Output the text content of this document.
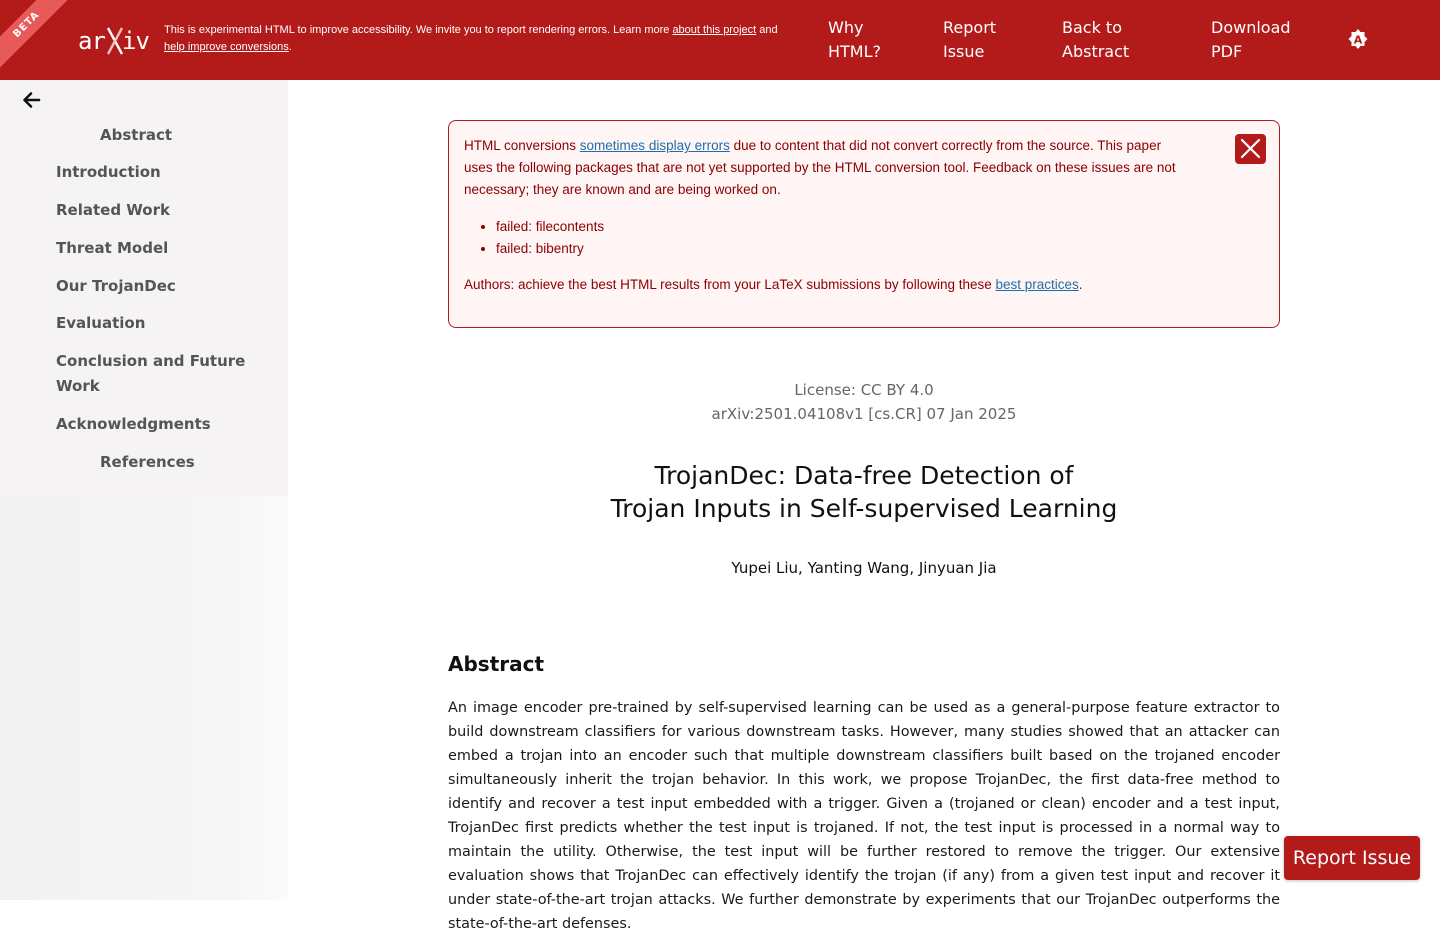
BETA
ar iv This is experimental HTML to improve accessibility. We invite you to report rendering errors. Learn more about this project and
help improve conversions.
Why
HTML?
Report
Issue
Back to
Abstract
Download
PDF
A
Abstract
Introduction
Related Work
Threat Model
Our TrojanDec
Evaluation
Conclusion and Future
Work
Acknowledgments
References
HTML conversions sometimes display errors due to content that did not convert correctly from the source. This paper
uses the following packages that are not yet supported by the HTML conversion tool. Feedback on these issues are not
necessary; they are known and are being worked on.
• failed: filecontents
• failed: bibentry
Authors: achieve the best HTML results from your LaTeX submissions by following these best practices.
License: CC BY 4.0
arXiv:2501.04108v1 [cs.CR] 07 Jan 2025
TrojanDec: Data-free Detection of
Trojan Inputs in Self-supervised Learning
Yupei Liu, Yanting Wang, Jinyuan Jia
Abstract
An image encoder pre-trained by self-supervised learning can be used as a general-purpose feature extractor to build downstream classifiers for various downstream tasks. However, many studies showed that an attacker can embed a trojan into an encoder such that multiple downstream classifiers built based on the trojaned encoder simultaneously inherit the trojan behavior. In this work, we propose TrojanDec, the first data-free method to identify and recover a test input embedded with a trigger. Given a (trojaned or clean) encoder and a test input, TrojanDec first predicts whether the test input is trojaned. If not, the test input is processed in a normal way to maintain the utility. Otherwise, the test input will be further restored to remove the trigger. Our extensive evaluation shows that TrojanDec can effectively identify the trojan (if any) from a given test input and recover it under state-of-the-art trojan attacks. We further demonstrate by experiments that our TrojanDec outperforms the state-of-the-art defenses.
Report Issue
